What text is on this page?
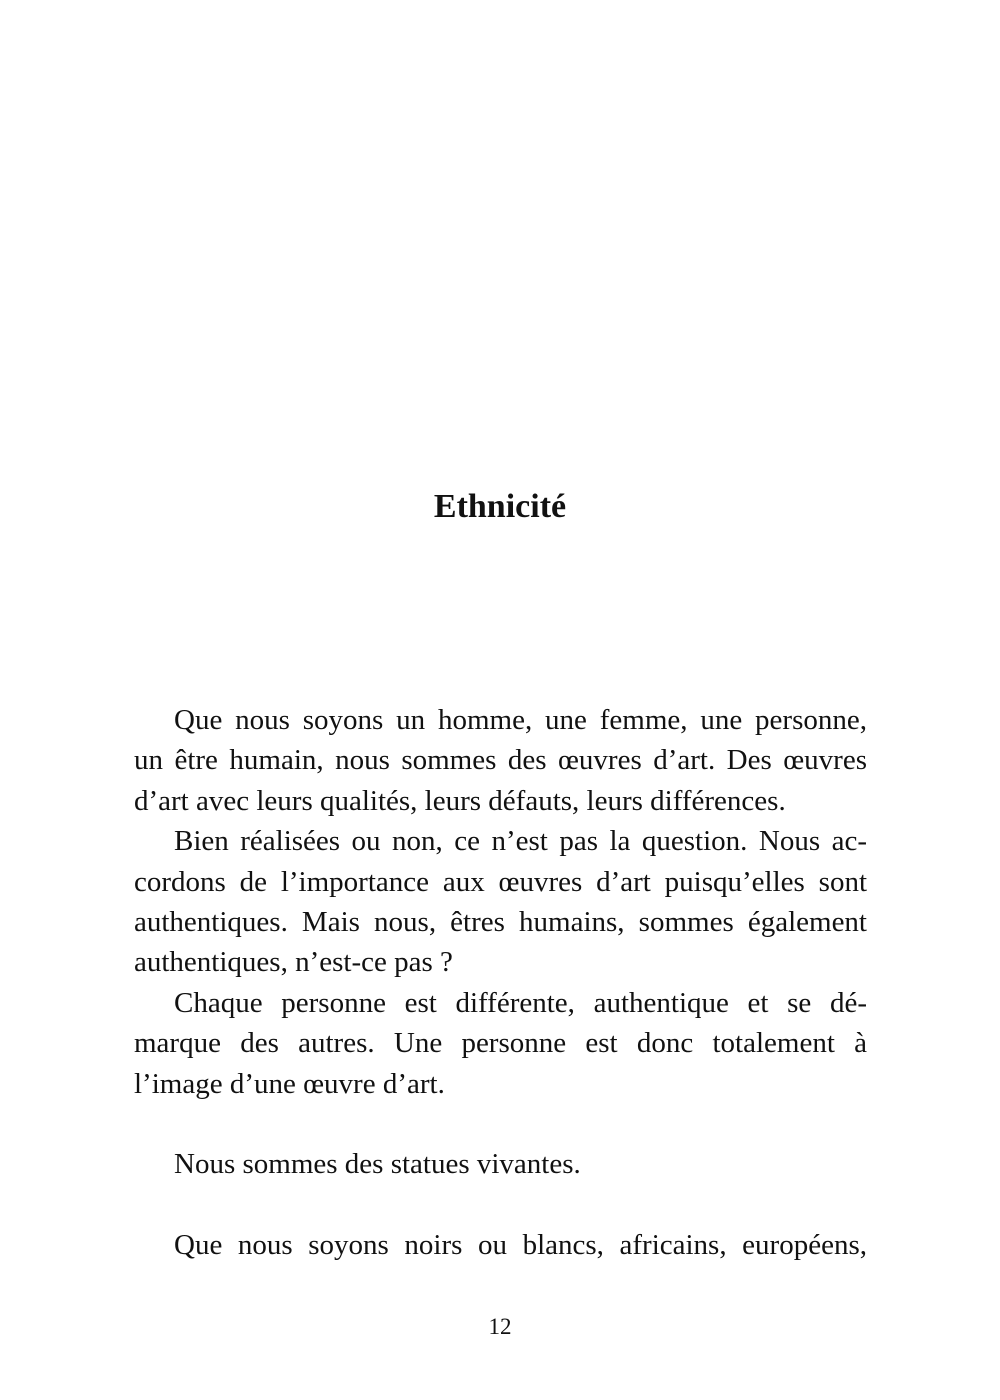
Ethnicité
Que nous soyons un homme, une femme, une personne,
un être humain, nous sommes des œuvres d’art. Des œuvres
d’art avec leurs qualités, leurs défauts, leurs différences.
Bien réalisées ou non, ce n’est pas la question. Nous ac-
cordons de l’importance aux œuvres d’art puisqu’elles sont
authentiques. Mais nous, êtres humains, sommes également
authentiques, n’est-ce pas ?
Chaque personne est différente, authentique et se dé-
marque des autres. Une personne est donc totalement à
l’image d’une œuvre d’art.
Nous sommes des statues vivantes.
Que nous soyons noirs ou blancs, africains, européens,
12
